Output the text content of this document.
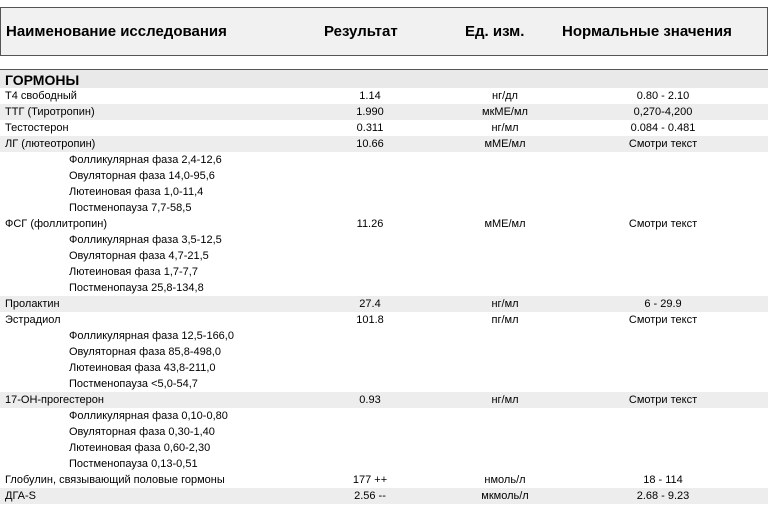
Наименование исследования	Результат	Ед. изм.	Нормальные значения
ГОРМОНЫ
Т4 свободный	1.14	нг/дл	0.80 - 2.10
ТТГ (Тиротропин)	1.990	мкМЕ/мл	0,270-4,200
Тестостерон	0.311	нг/мл	0.084 - 0.481
ЛГ (лютеотропин)	10.66	мМЕ/мл	Смотри текст
Фолликулярная фаза 2,4-12,6
Овуляторная фаза 14,0-95,6
Лютеиновая фаза 1,0-11,4
Постменопауза 7,7-58,5
ФСГ (фоллитропин)	11.26	мМЕ/мл	Смотри текст
Фолликулярная фаза 3,5-12,5
Овуляторная фаза 4,7-21,5
Лютеиновая фаза 1,7-7,7
Постменопауза 25,8-134,8
Пролактин	27.4	нг/мл	6 - 29.9
Эстрадиол	101.8	пг/мл	Смотри текст
Фолликулярная фаза 12,5-166,0
Овуляторная фаза 85,8-498,0
Лютеиновая фаза 43,8-211,0
Постменопауза <5,0-54,7
17-ОН-прогестерон	0.93	нг/мл	Смотри текст
Фолликулярная фаза 0,10-0,80
Овуляторная фаза 0,30-1,40
Лютеиновая фаза 0,60-2,30
Постменопауза 0,13-0,51
Глобулин, связывающий половые гормоны	177 ++	нмоль/л	18 - 114
ДГА-S	2.56 --	мкмоль/л	2.68 - 9.23
